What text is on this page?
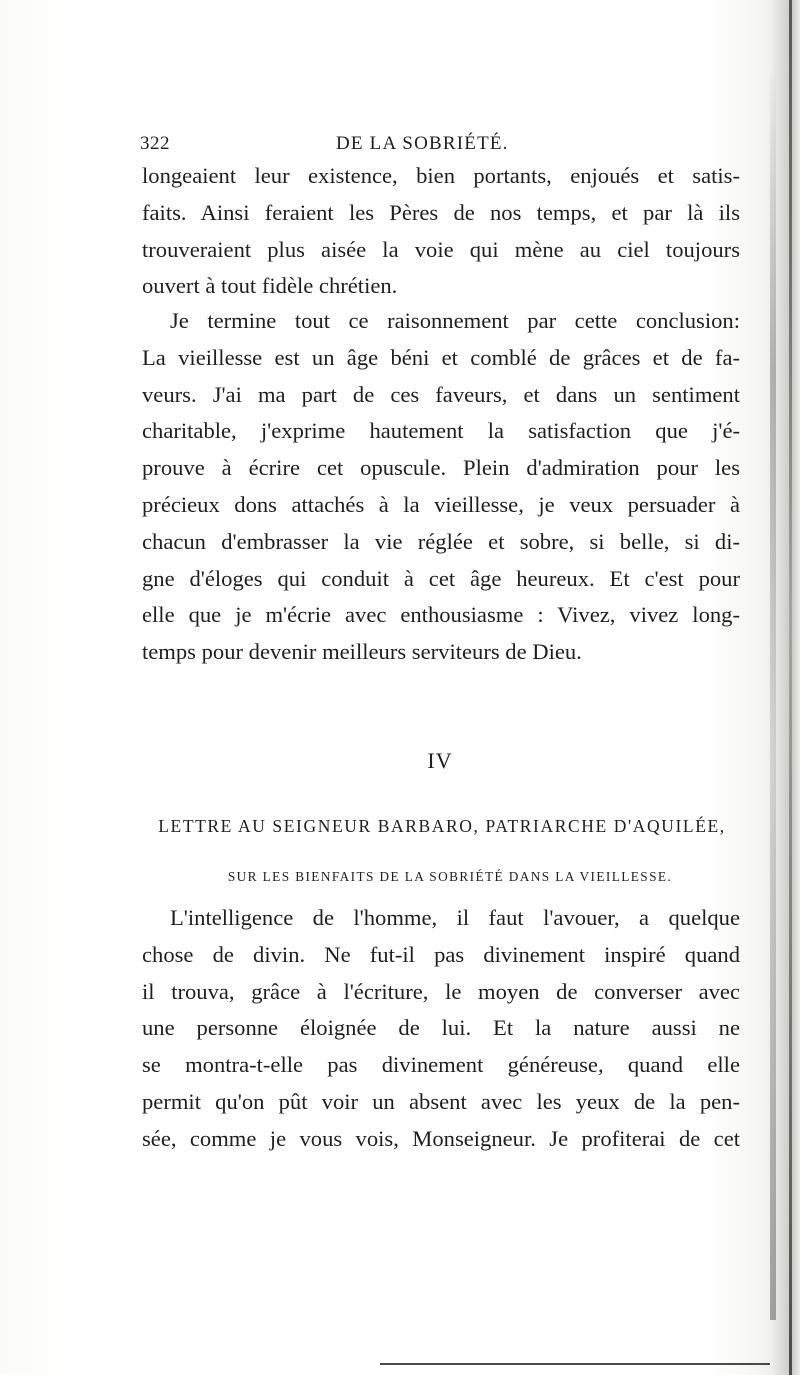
322	DE LA SOBRIÉTÉ.
longeaient leur existence, bien portants, enjoués et satis-
faits. Ainsi feraient les Pères de nos temps, et par là ils
trouveraient plus aisée la voie qui mène au ciel toujours
ouvert à tout fidèle chrétien.
Je termine tout ce raisonnement par cette conclusion:
La vieillesse est un âge béni et comblé de grâces et de fa-
veurs. J'ai ma part de ces faveurs, et dans un sentiment
charitable, j'exprime hautement la satisfaction que j'é-
prouve à écrire cet opuscule. Plein d'admiration pour les
précieux dons attachés à la vieillesse, je veux persuader à
chacun d'embrasser la vie réglée et sobre, si belle, si di-
gne d'éloges qui conduit à cet âge heureux. Et c'est pour
elle que je m'écrie avec enthousiasme : Vivez, vivez long-
temps pour devenir meilleurs serviteurs de Dieu.
IV
LETTRE AU SEIGNEUR BARBARO, PATRIARCHE D'AQUILÉE,
SUR LES BIENFAITS DE LA SOBRIÉTÉ DANS LA VIEILLESSE.
L'intelligence de l'homme, il faut l'avouer, a quelque
chose de divin. Ne fut-il pas divinement inspiré quand
il trouva, grâce à l'écriture, le moyen de converser avec
une personne éloignée de lui. Et la nature aussi ne
se montra-t-elle pas divinement généreuse, quand elle
permit qu'on pût voir un absent avec les yeux de la pen-
sée, comme je vous vois, Monseigneur. Je profiterai de cet
